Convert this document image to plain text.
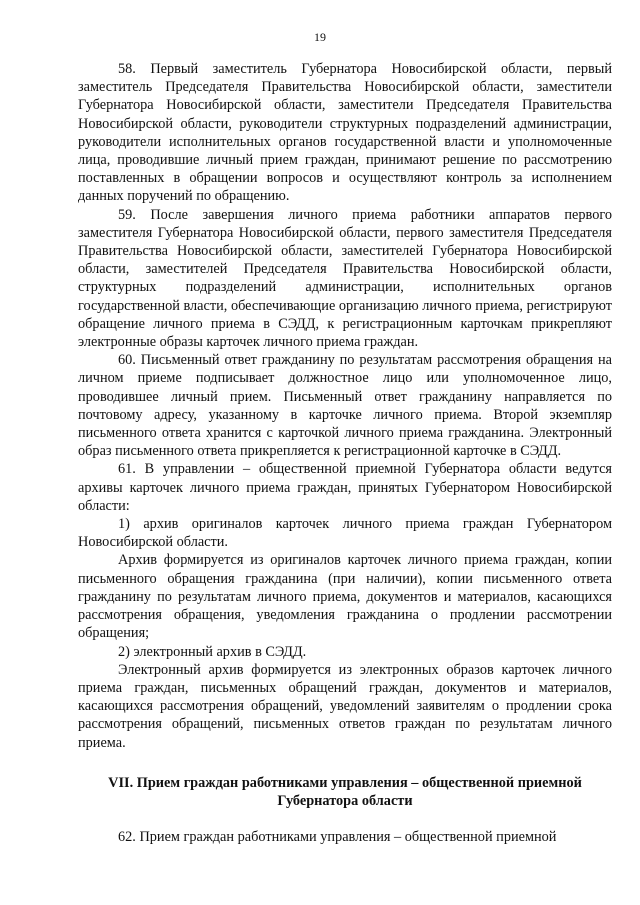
19

58. Первый заместитель Губернатора Новосибирской области, первый заместитель Председателя Правительства Новосибирской области, заместители Губернатора Новосибирской области, заместители Председателя Правительства Новосибирской области, руководители структурных подразделений администрации, руководители исполнительных органов государственной власти и уполномоченные лица, проводившие личный прием граждан, принимают решение по рассмотрению поставленных в обращении вопросов и осуществляют контроль за исполнением данных поручений по обращению.

59. После завершения личного приема работники аппаратов первого заместителя Губернатора Новосибирской области, первого заместителя Председателя Правительства Новосибирской области, заместителей Губернатора Новосибирской области, заместителей Председателя Правительства Новосибирской области, структурных подразделений администрации, исполнительных органов государственной власти, обеспечивающие организацию личного приема, регистрируют обращение личного приема в СЭДД, к регистрационным карточкам прикрепляют электронные образы карточек личного приема граждан.

60. Письменный ответ гражданину по результатам рассмотрения обращения на личном приеме подписывает должностное лицо или уполномоченное лицо, проводившее личный прием. Письменный ответ гражданину направляется по почтовому адресу, указанному в карточке личного приема. Второй экземпляр письменного ответа хранится с карточкой личного приема гражданина. Электронный образ письменного ответа прикрепляется к регистрационной карточке в СЭДД.

61. В управлении – общественной приемной Губернатора области ведутся архивы карточек личного приема граждан, принятых Губернатором Новосибирской области:

1) архив оригиналов карточек личного приема граждан Губернатором Новосибирской области.

Архив формируется из оригиналов карточек личного приема граждан, копии письменного обращения гражданина (при наличии), копии письменного ответа гражданину по результатам личного приема, документов и материалов, касающихся рассмотрения обращения, уведомления гражданина о продлении рассмотрении обращения;

2) электронный архив в СЭДД.

Электронный архив формируется из электронных образов карточек личного приема граждан, письменных обращений граждан, документов и материалов, касающихся рассмотрения обращений, уведомлений заявителям о продлении срока рассмотрения обращений, письменных ответов граждан по результатам личного приема.

VII. Прием граждан работниками управления – общественной приемной
Губернатора области

62. Прием граждан работниками управления – общественной приемной
